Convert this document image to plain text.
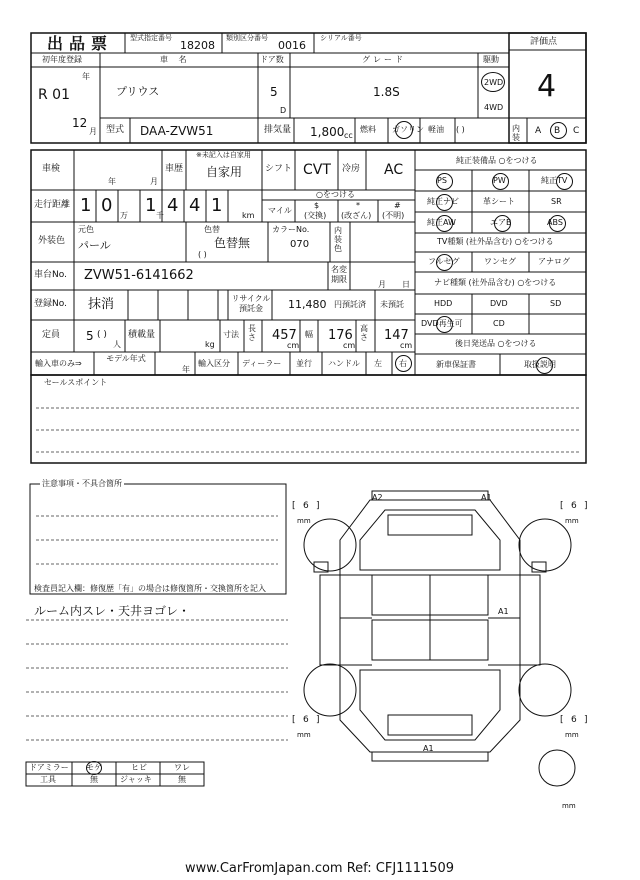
出品票 型式指定番号
18208
類別区分番号
0016
シリアル番号	評価点
4
初年度登録
R 01
年
12
月
車 名
プリウス
ドア数
5
D
グレード
1.8S
駆動
2WD
4WD
型式 DAA-ZVW51	排気量 1,800 cc
燃料 ガソリン 軽油 ( )	内装
A B C
車検
年	月
車歴
※未記入は自家用
自家用	シフト CVT 冷房 AC
走行距離 1 0 万 1 千 4 4 1 km
○をつける
マイル
$
(交換)
*
(改ざん)
#
(不明)
外装色
元色
パール
色替
色替無
( )
カラーNo.
070
内装色
車台No. ZVW51-6141662	名変期限
月 日
登録No. 抹消	リサイクル預託金	11,480 円預託済 未預託
定員 5 ( )
人
積載量
kg
寸法
長さ 457
cm
幅 176
cm
高さ 147
cm
輸入車のみ⇒
モデル年式
年
輸入区分 ディーラー 並行 ハンドル 左 右
純正装備品 ○をつける
PS	PW	純正TV
純正ナビ	革シート	SR
純正AW	エアB	ABS
TV種類 (社外品含む) ○をつける
フルセグ	ワンセグ	アナログ
ナビ種類 (社外品含む) ○をつける
HDD	DVD	SD
DVD再生可	CD
後日発送品 ○をつける
新車保証書	取扱説明
セールスポイント
注意事項・不具合箇所
検査員記入欄：修復歴「有」の場合は修復箇所・交換箇所を記入
ルーム内スレ・天井ヨゴレ・
ドアミラー モゲ	ヒビ	ワレ
工具	無	ジャッキ	無
[ 6 ]
mm
[ 6 ]
mm
[ 6 ]
mm
[ 6 ]
mm
mm
A2	A1
A1
A1
www.CarFromJapan.com Ref: CFJ1111509
